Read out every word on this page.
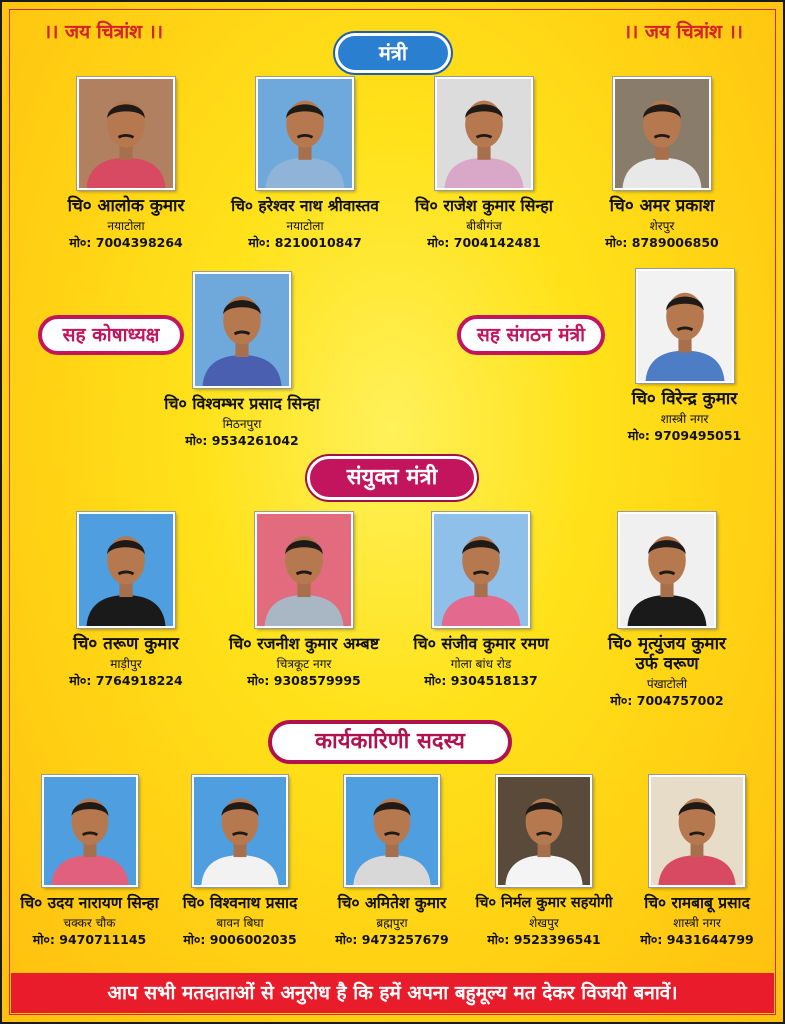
।। जय चित्रांश ।।	।। जय चित्रांश ।।
मंत्री
सह कोषाध्यक्ष	सह संगठन मंत्री
संयुक्त मंत्री
कार्यकारिणी सदस्य
चि० आलोक कुमार
नयाटोला
मो०: 7004398264
चि० हरेश्वर नाथ श्रीवास्तव
नयाटोला
मो०: 8210010847
चि० राजेश कुमार सिन्हा
बीबीगंज
मो०: 7004142481
चि० अमर प्रकाश
शेरपुर
मो०: 8789006850
चि० विश्वम्भर प्रसाद सिन्हा
मिठनपुरा
मो०: 9534261042
चि० विरेन्द्र कुमार
शास्त्री नगर
मो०: 9709495051
चि० तरूण कुमार
माड़ीपुर
मो०: 7764918224
चि० रजनीश कुमार अम्बष्ट
चित्रकूट नगर
मो०: 9308579995
चि० संजीव कुमार रमण
गोला बांध रोड
मो०: 9304518137
चि० मृत्युंजय कुमार उर्फ वरूण
पंखाटोली
मो०: 7004757002
चि० उदय नारायण सिन्हा
चक्कर चौक
मो०: 9470711145
चि० विश्वनाथ प्रसाद
बावन बिघा
मो०: 9006002035
चि० अमितेश कुमार
ब्रह्मपुरा
मो०: 9473257679
चि० निर्मल कुमार सहयोगी
शेखपुर
मो०: 9523396541
चि० रामबाबू प्रसाद
शास्त्री नगर
मो०: 9431644799
आप सभी मतदाताओं से अनुरोध है कि हमें अपना बहुमूल्य मत देकर विजयी बनावें।
